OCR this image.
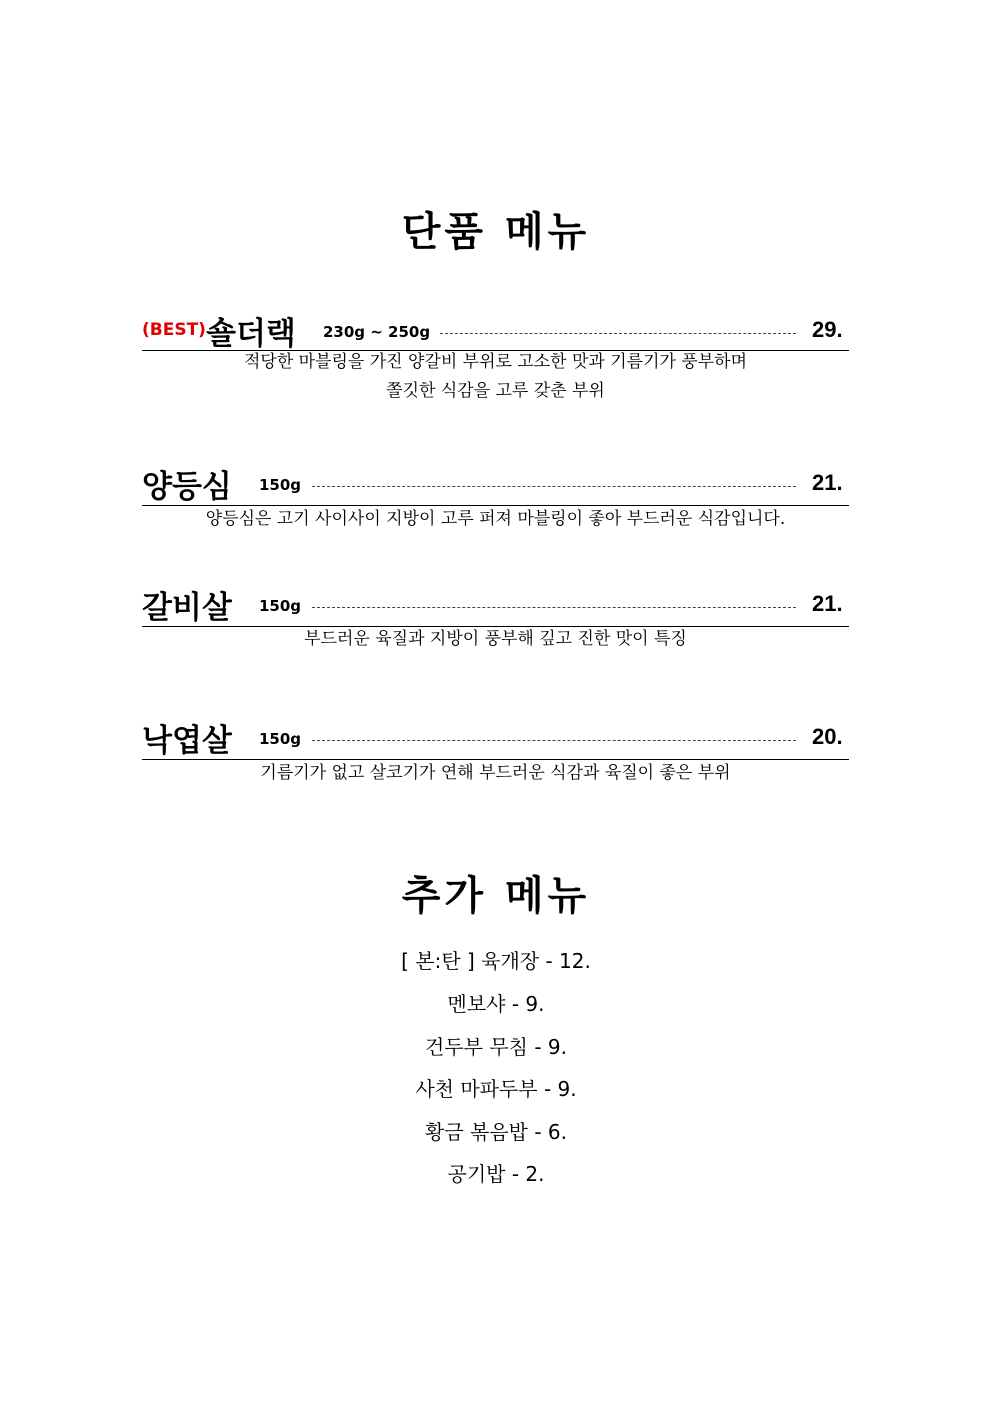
단품 메뉴
(BEST) 숄더랙 230g ~ 250g	29.
적당한 마블링을 가진 양갈비 부위로 고소한 맛과 기름기가 풍부하며
쫄깃한 식감을 고루 갖춘 부위
양등심 150g	21.
양등심은 고기 사이사이 지방이 고루 퍼져 마블링이 좋아 부드러운 식감입니다.
갈비살 150g	21.
부드러운 육질과 지방이 풍부해 깊고 진한 맛이 특징
낙엽살 150g	20.
기름기가 없고 살코기가 연해 부드러운 식감과 육질이 좋은 부위
추가 메뉴
[ 본:탄 ] 육개장 - 12.
멘보샤 - 9.
건두부 무침 - 9.
사천 마파두부 - 9.
황금 볶음밥 - 6.
공기밥 - 2.
